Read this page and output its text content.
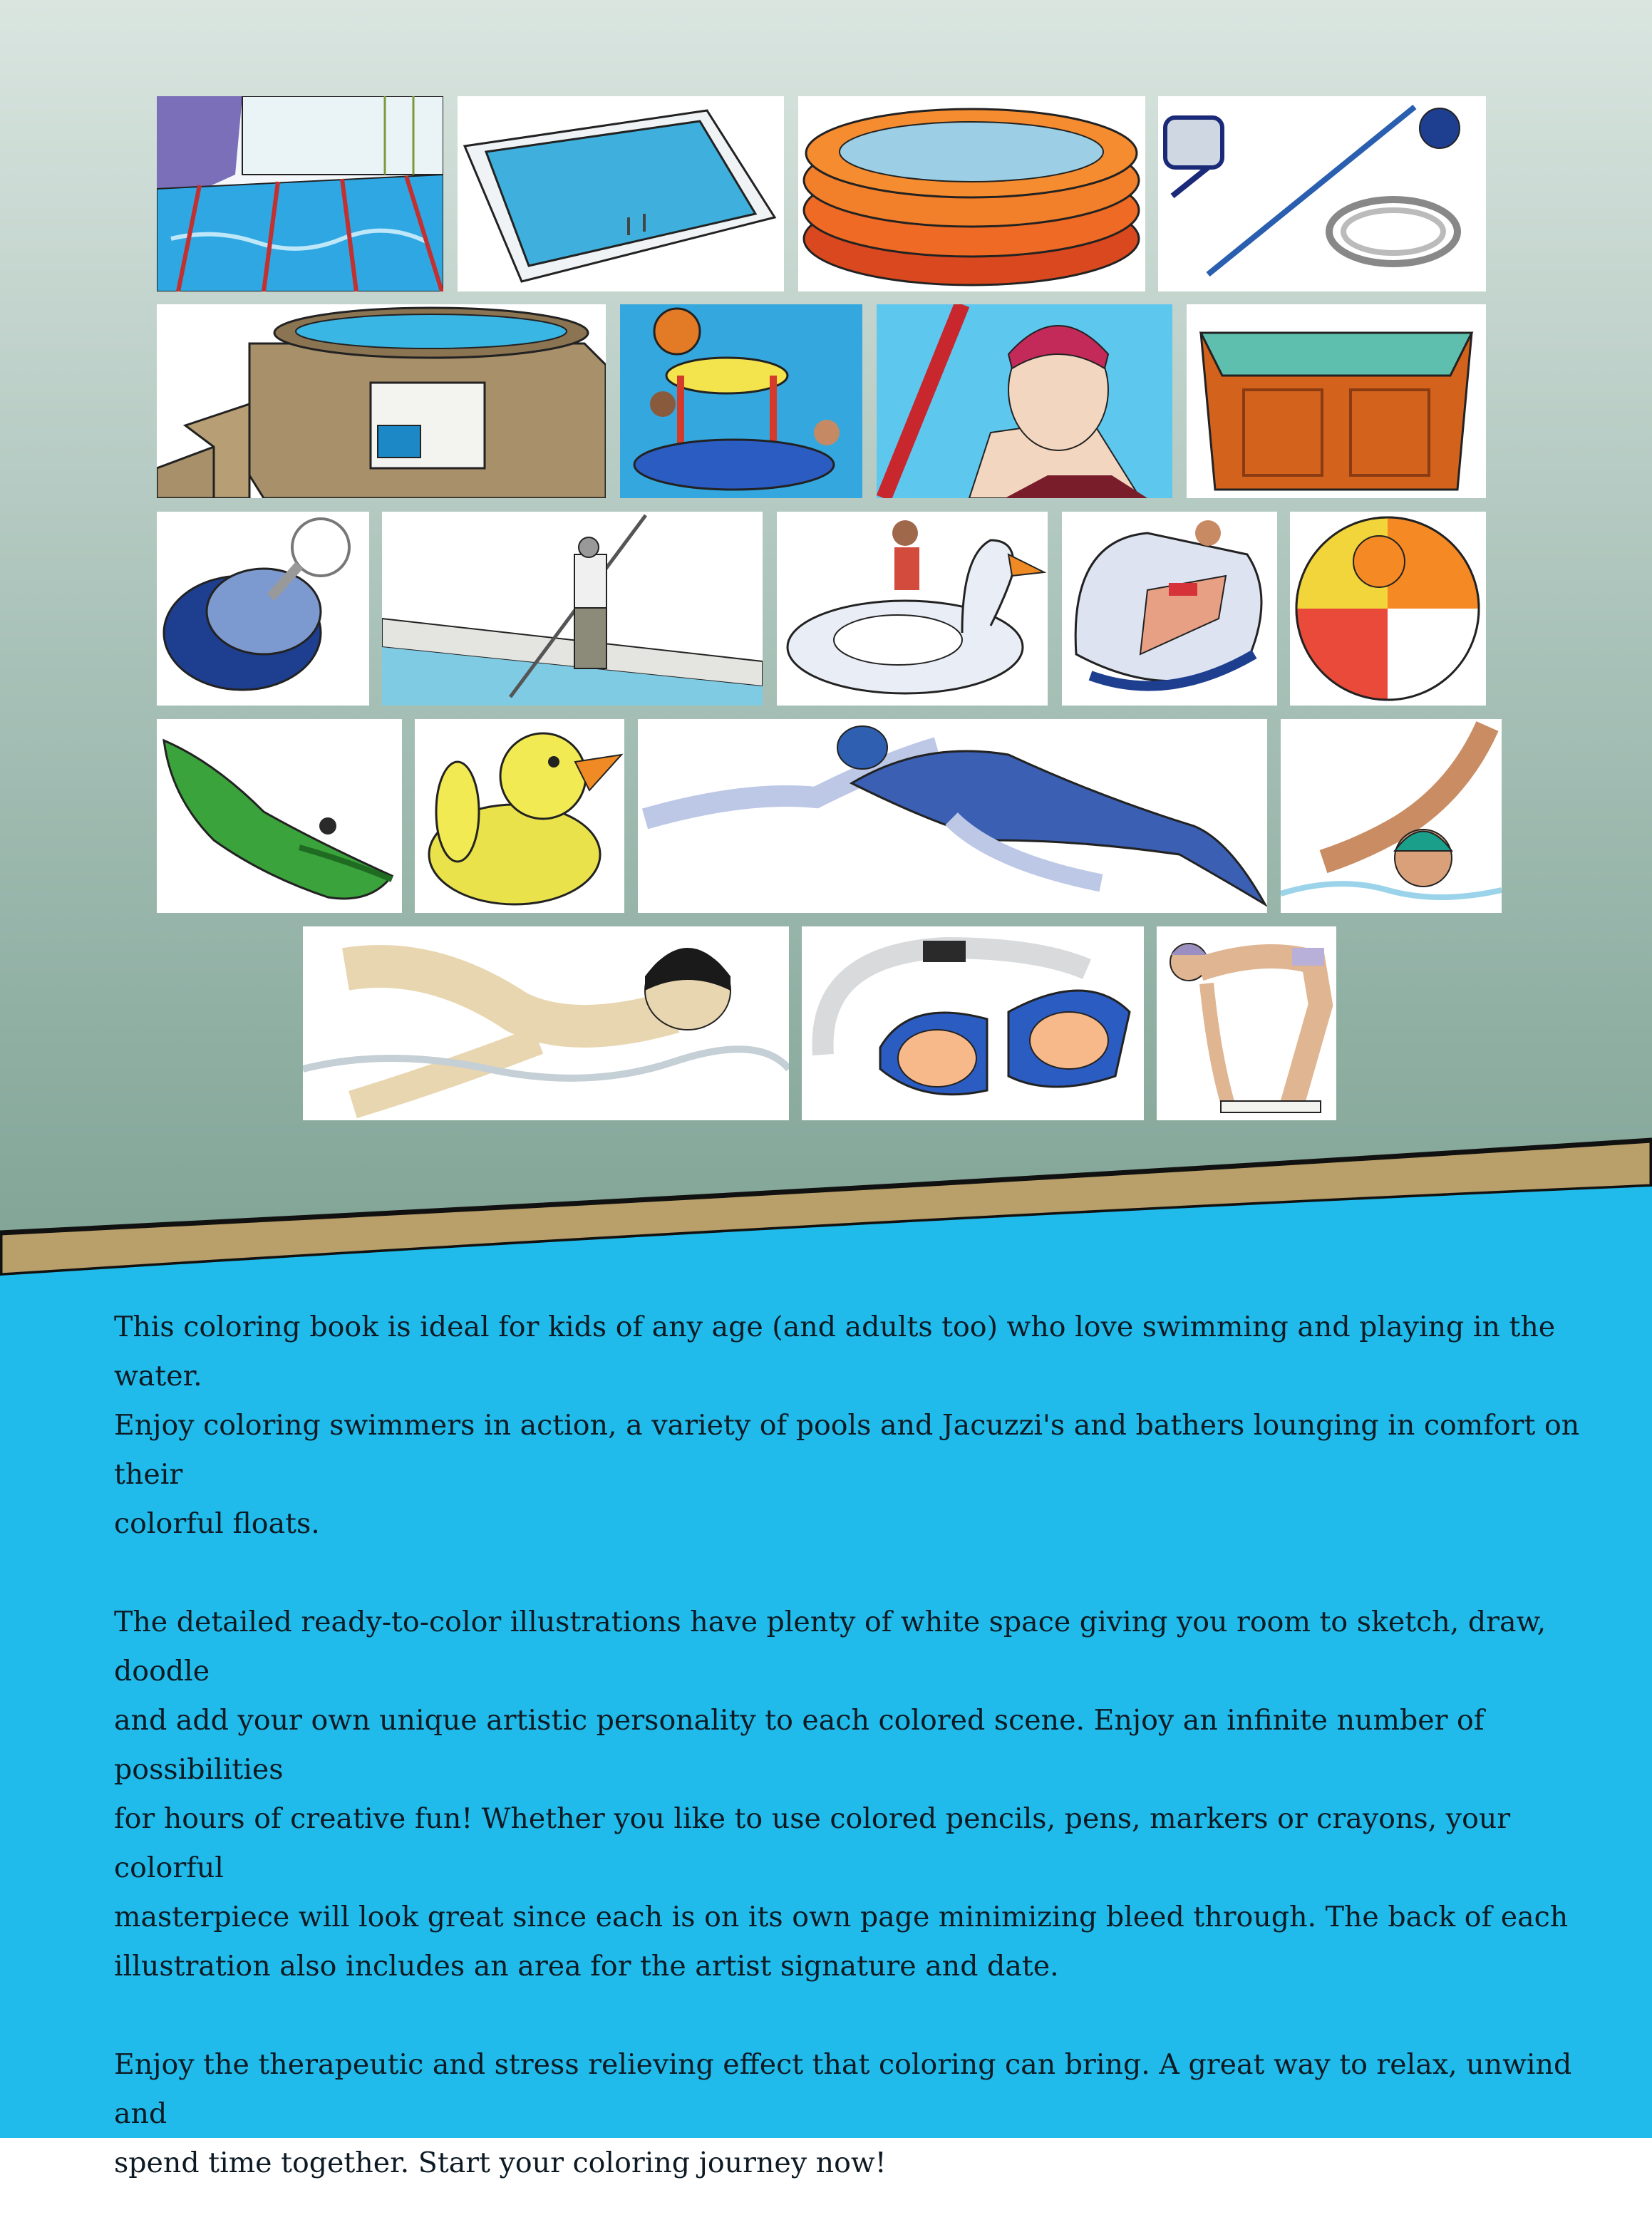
This coloring book is ideal for kids of any age (and adults too) who love swimming and playing in the water.
Enjoy coloring swimmers in action, a variety of pools and Jacuzzi's and bathers lounging in comfort on their
colorful floats.

The detailed ready-to-color illustrations have plenty of white space giving you room to sketch, draw, doodle
and add your own unique artistic personality to each colored scene. Enjoy an infinite number of possibilities
for hours of creative fun! Whether you like to use colored pencils, pens, markers or crayons, your colorful
masterpiece will look great since each is on its own page minimizing bleed through. The back of each
illustration also includes an area for the artist signature and date.

Enjoy the therapeutic and stress relieving effect that coloring can bring. A great way to relax, unwind and
spend time together. Start your coloring journey now!
